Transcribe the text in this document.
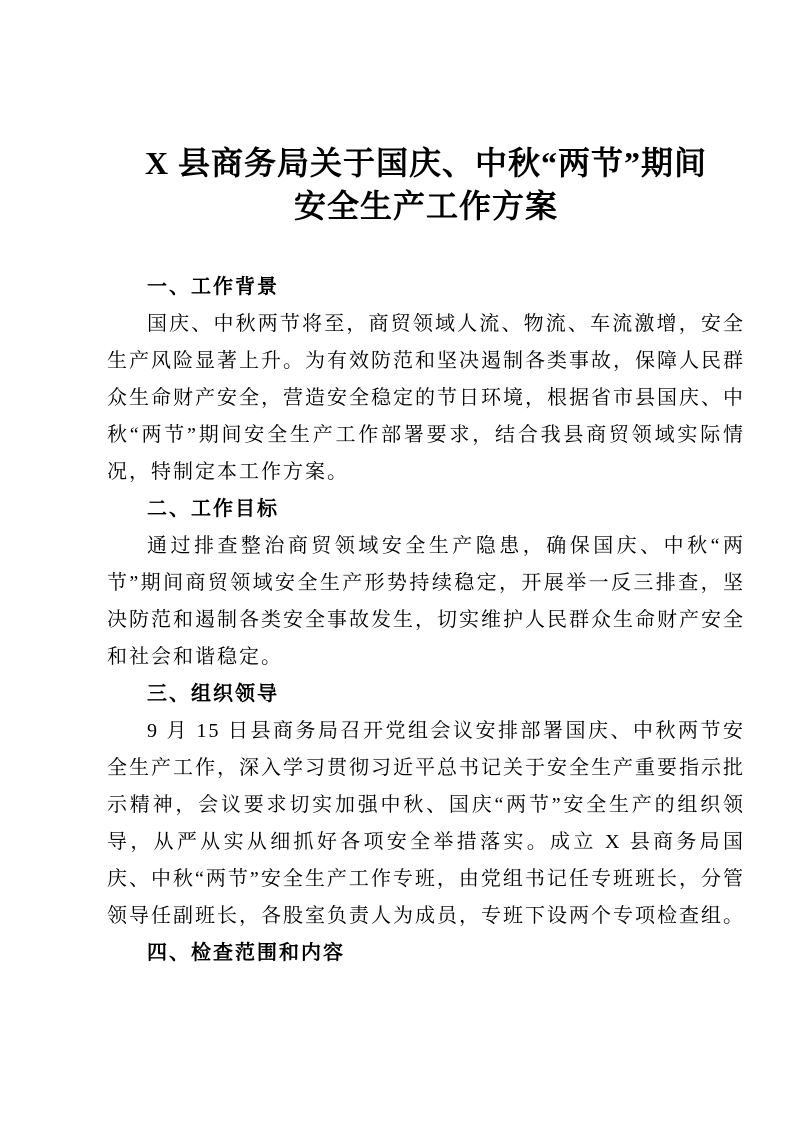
X 县商务局关于国庆、中秋“两节”期间安全生产工作方案
一、工作背景

国庆、中秋两节将至，商贸领域人流、物流、车流激增，安全生产风险显著上升。为有效防范和坚决遏制各类事故，保障人民群众生命财产安全，营造安全稳定的节日环境，根据省市县国庆、中秋“两节”期间安全生产工作部署要求，结合我县商贸领域实际情况，特制定本工作方案。

二、工作目标

通过排查整治商贸领域安全生产隐患，确保国庆、中秋“两节”期间商贸领域安全生产形势持续稳定，开展举一反三排查，坚决防范和遏制各类安全事故发生，切实维护人民群众生命财产安全和社会和谐稳定。

三、组织领导

9 月 15 日县商务局召开党组会议安排部署国庆、中秋两节安全生产工作，深入学习贯彻习近平总书记关于安全生产重要指示批示精神，会议要求切实加强中秋、国庆“两节”安全生产的组织领导，从严从实从细抓好各项安全举措落实。成立 X 县商务局国庆、中秋“两节”安全生产工作专班，由党组书记任专班班长，分管领导任副班长，各股室负责人为成员，专班下设两个专项检查组。

四、检查范围和内容
